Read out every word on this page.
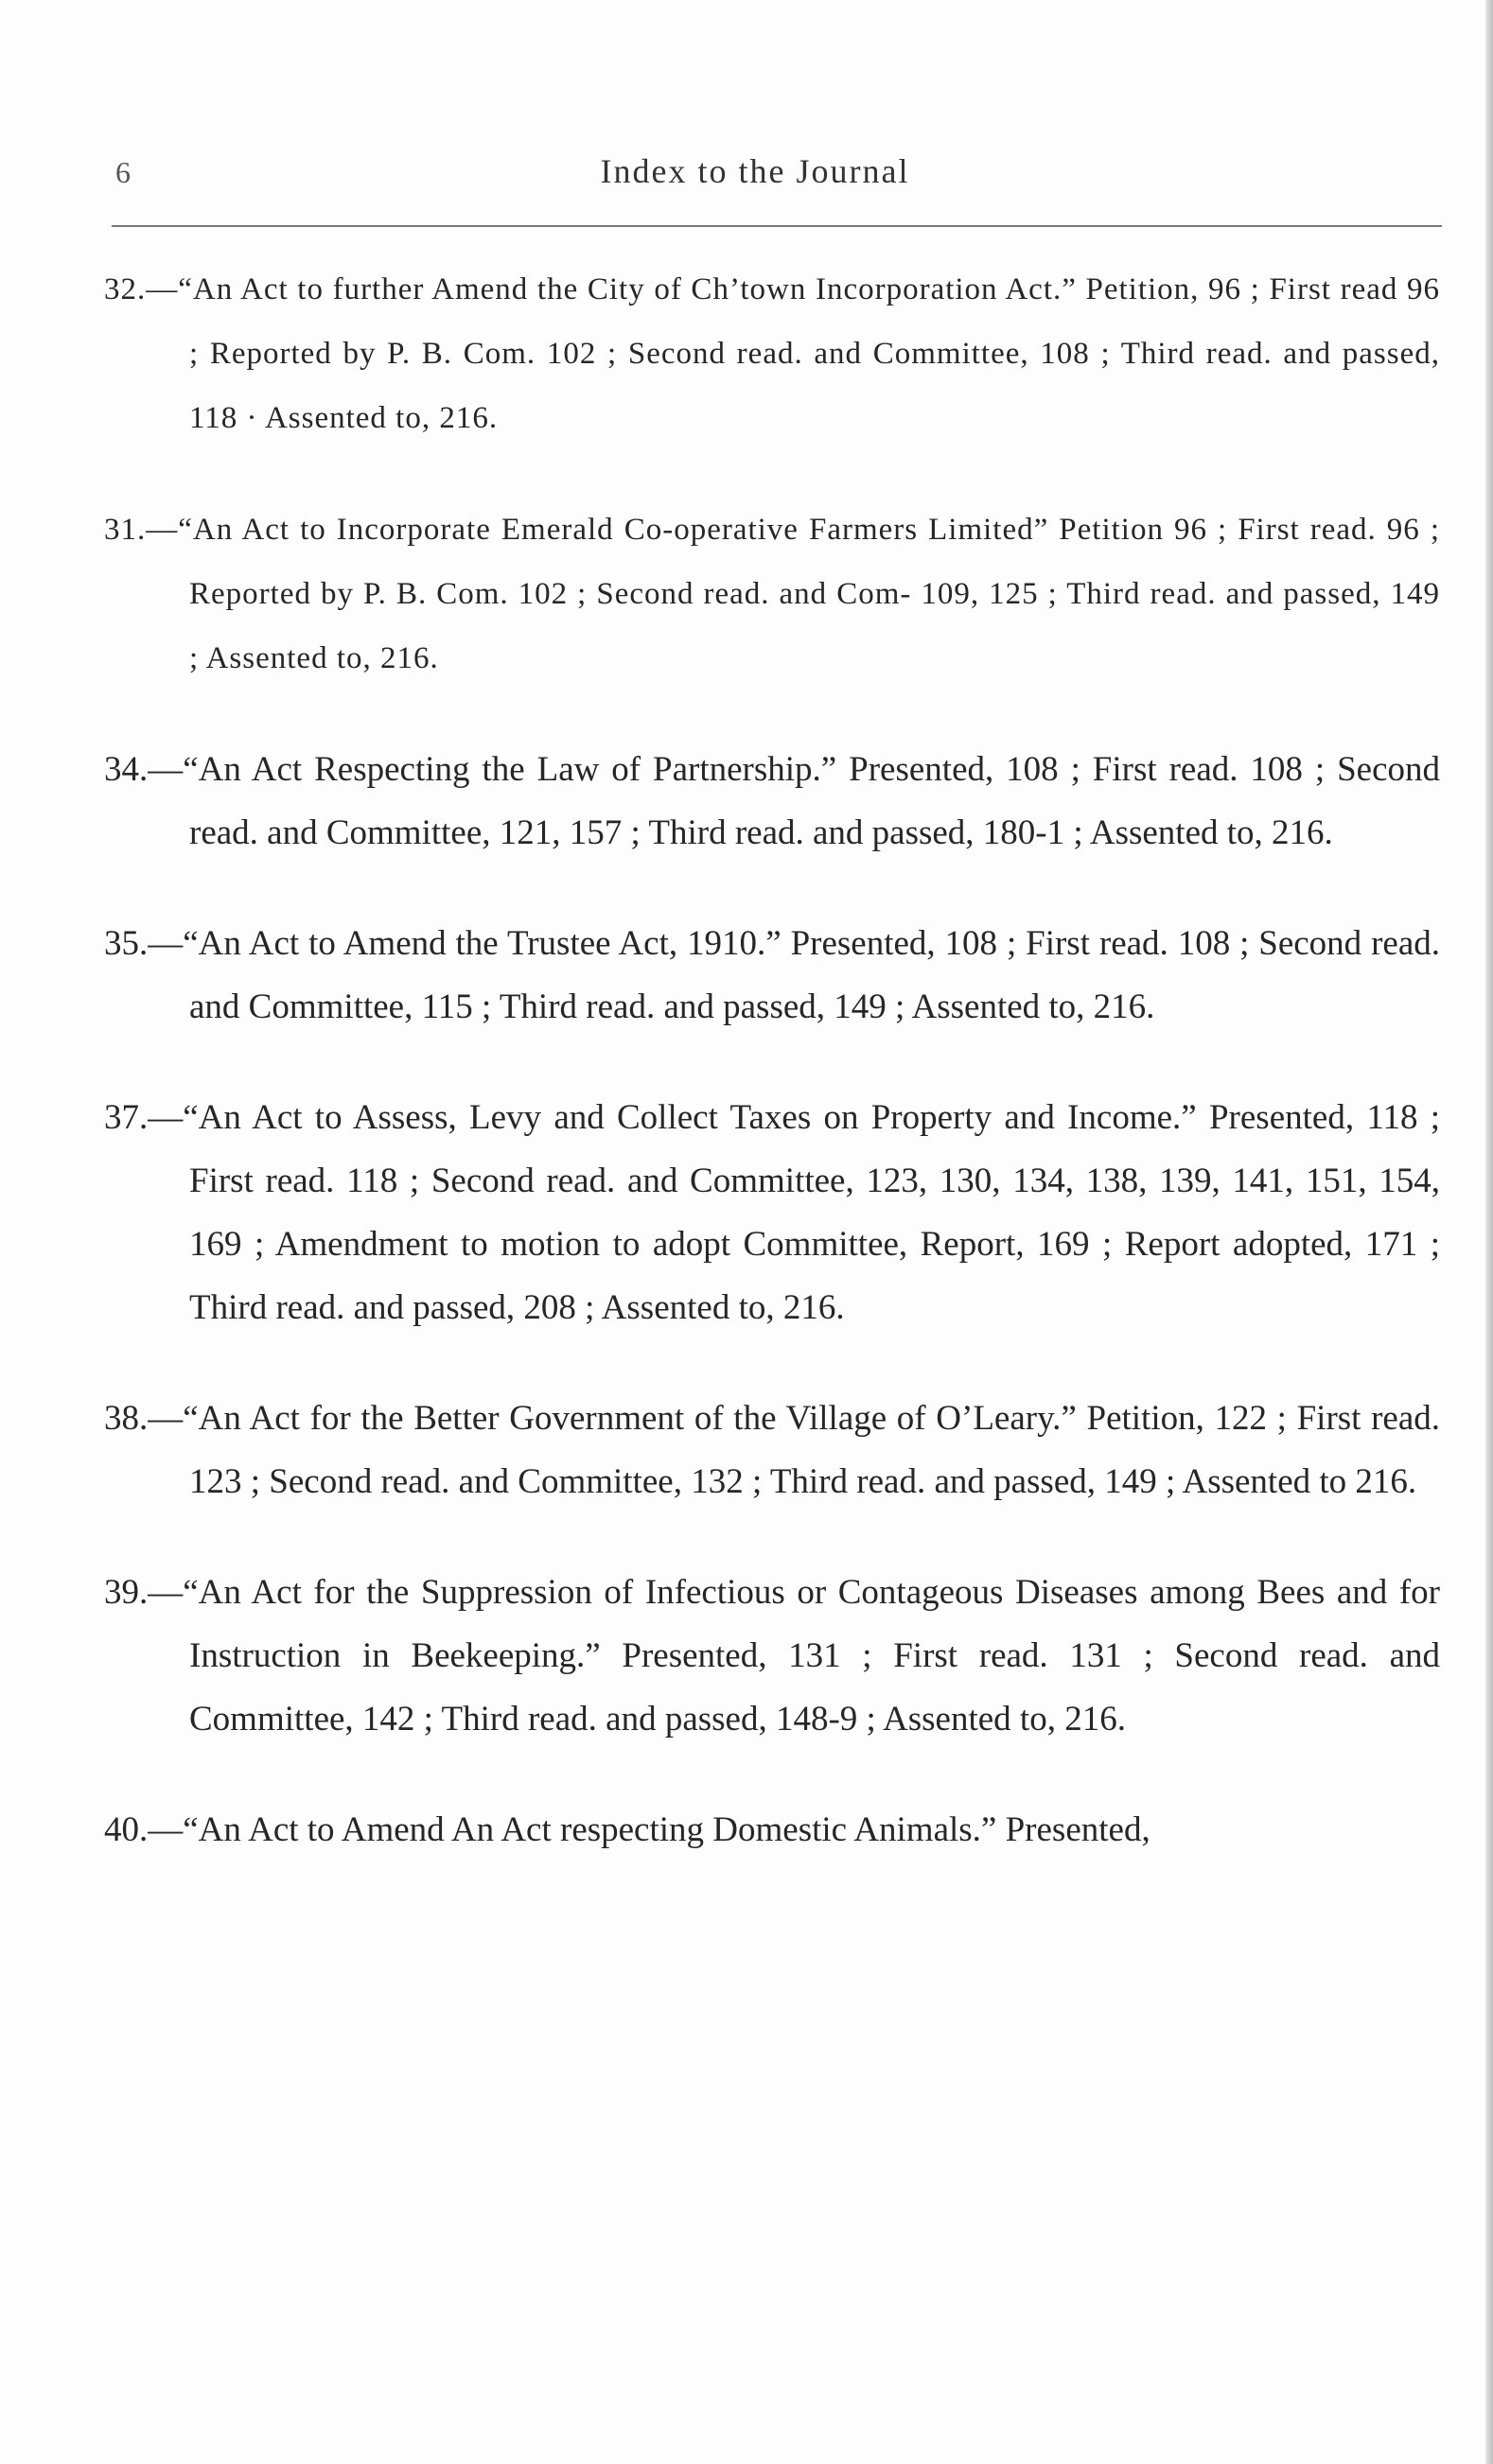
6	Index to the Journal

32.—“An Act to further Amend the City of Ch’town Incorporation Act.” Petition, 96 ; First read 96 ; Reported by P. B. Com. 102 ; Second read. and Committee, 108 ; Third read. and passed, 118 · Assented to, 216.

31.—“An Act to Incorporate Emerald Co-operative Farmers Limited” Petition 96 ; First read. 96 ; Reported by P. B. Com. 102 ; Second read. and Com- 109, 125 ; Third read. and passed, 149 ; Assented to, 216.

34.—“An Act Respecting the Law of Partnership.” Presented, 108 ; First read. 108 ; Second read. and Committee, 121, 157 ; Third read. and passed, 180-1 ; Assented to, 216.

35.—“An Act to Amend the Trustee Act, 1910.” Presented, 108 ; First read. 108 ; Second read. and Committee, 115 ; Third read. and passed, 149 ; Assented to, 216.

37.—“An Act to Assess, Levy and Collect Taxes on Property and Income.” Presented, 118 ; First read. 118 ; Second read. and Committee, 123, 130, 134, 138, 139, 141, 151, 154, 169 ; Amendment to motion to adopt Committee, Report, 169 ; Report adopted, 171 ; Third read. and passed, 208 ; Assented to, 216.

38.—“An Act for the Better Government of the Village of O’Leary.” Petition, 122 ; First read. 123 ; Second read. and Committee, 132 ; Third read. and passed, 149 ; Assented to 216.

39.—“An Act for the Suppression of Infectious or Contageous Diseases among Bees and for Instruction in Beekeeping.” Presented, 131 ; First read. 131 ; Second read. and Committee, 142 ; Third read. and passed, 148-9 ; Assented to, 216.

40.—“An Act to Amend An Act respecting Domestic Animals.” Presented,
